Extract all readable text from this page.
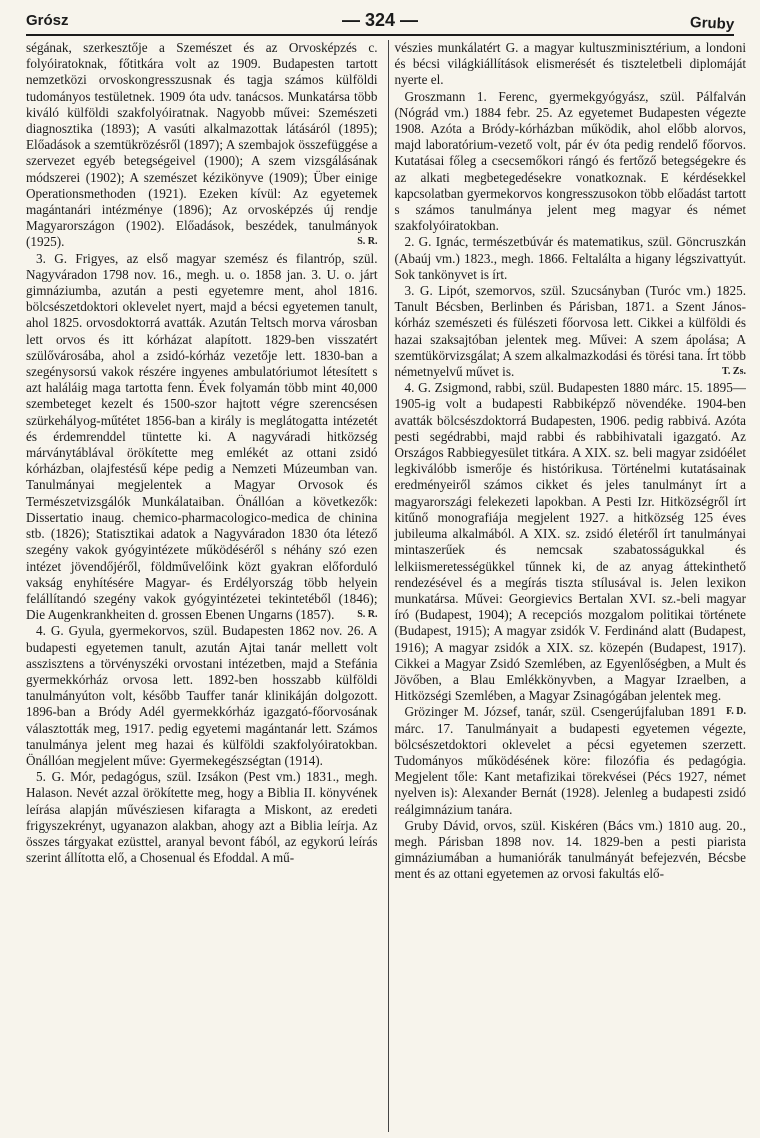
Grósz	— 324 —	Gruby

ségának, szerkesztője a Szemészet és az Orvosképzés c. folyóiratoknak, főtitkára volt az 1909. Budapesten tartott nemzetközi orvoskongresszusnak és tagja számos külföldi tudományos testületnek. 1909 óta udv. tanácsos. Munkatársa több kiváló külföldi szakfolyóiratnak. Nagyobb művei: Szemészeti diagnosztika (1893); A vasúti alkalmazottak látásáról (1895); Előadások a szemtükrözésről (1897); A szembajok összefüggése a szervezet egyéb betegségeivel (1900); A szem vizsgálásának módszerei (1902); A szemészet kézikönyve (1909); Über einige Operationsmethoden (1921). Ezeken kívül: Az egyetemek magántanári intézménye (1896); Az orvosképzés új rendje Magyarországon (1902). Előadások, beszédek, tanulmányok (1925).	S. R.

3. G. Frigyes, az első magyar szemész és filantróp, szül. Nagyváradon 1798 nov. 16., megh. u. o. 1858 jan. 3. U. o. járt gimnáziumba, azután a pesti egyetemre ment, ahol 1816. bölcsészetdoktori oklevelet nyert, majd a bécsi egyetemen tanult, ahol 1825. orvosdoktorrá avatták. Azután Teltsch morva városban lett orvos és itt kórházat alapított. 1829-ben visszatért szülővárosába, ahol a zsidó-kórház vezetője lett. 1830-ban a szegénysorsú vakok részére ingyenes ambulatóriumot létesített s azt haláláig maga tartotta fenn. Évek folyamán több mint 40,000 szembeteget kezelt és 1500-szor hajtott végre szerencsésen szürkehályog-műtétet 1856-ban a király is meglátogatta intézetét és érdemrenddel tüntette ki. A nagyváradi hitközség márványtáblával örökítette meg emlékét az ottani zsidó kórházban, olajfestésű képe pedig a Nemzeti Múzeumban van. Tanulmányai megjelentek a Magyar Orvosok és Természetvizsgálók Munkálataiban. Önállóan a következők: Dissertatio inaug. chemico-pharmacologico-medica de chinina stb. (1826); Statisztikai adatok a Nagyváradon 1830 óta létező szegény vakok gyógyintézete működéséről s néhány szó ezen intézet jövendőjéről, földművelőink közt gyakran előforduló vakság enyhítésére Magyar- és Erdélyország több helyein felállítandó szegény vakok gyógyintézetei tekintetéből (1846); Die Augenkrankheiten d. grossen Ebenen Ungarns (1857).	S. R.

4. G. Gyula, gyermekorvos, szül. Budapesten 1862 nov. 26. A budapesti egyetemen tanult, azután Ajtai tanár mellett volt asszisztens a törvényszéki orvostani intézetben, majd a Stefánia gyermekkórház orvosa lett. 1892-ben hosszabb külföldi tanulmányúton volt, később Tauffer tanár klinikáján dolgozott. 1896-ban a Bródy Adél gyermekkórház igazgató-főorvosának választották meg, 1917. pedig egyetemi magántanár lett. Számos tanulmánya jelent meg hazai és külföldi szakfolyóiratokban. Önállóan megjelent műve: Gyermekegészségtan (1914).

5. G. Mór, pedagógus, szül. Izsákon (Pest vm.) 1831., megh. Halason. Nevét azzal örökítette meg, hogy a Biblia II. könyvének leírása alapján művésziesen kifaragta a Miskont, az eredeti frigyszekrényt, ugyanazon alakban, ahogy azt a Biblia leírja. Az összes tárgyakat ezüsttel, aranyal bevont fából, az egykorú leírás szerint állította elő, a Chosenual és Efoddal. A mű-

vészies munkálatért G. a magyar kultuszminisztérium, a londoni és bécsi világkiállítások elismerését és tiszteletbeli diplomáját nyerte el.

Groszmann 1. Ferenc, gyermekgyógyász, szül. Pálfalván (Nógrád vm.) 1884 febr. 25. Az egyetemet Budapesten végezte 1908. Azóta a Bródy-kórházban működik, ahol előbb alorvos, majd laboratórium-vezető volt, pár év óta pedig rendelő főorvos. Kutatásai főleg a csecsemőkori rángó és fertőző betegségekre és az alkati megbetegedésekre vonatkoznak. E kérdésekkel kapcsolatban gyermekorvos kongresszusokon több előadást tartott s számos tanulmánya jelent meg magyar és német szakfolyóiratokban.

2. G. Ignác, természetbúvár és matematikus, szül. Göncruszkán (Abaúj vm.) 1823., megh. 1866. Feltalálta a higany légszivattyút. Sok tankönyvet is írt.

3. G. Lipót, szemorvos, szül. Szucsányban (Turóc vm.) 1825. Tanult Bécsben, Berlinben és Párisban, 1871. a Szent János-kórház szemészeti és fülészeti főorvosa lett. Cikkei a külföldi és hazai szaksajtóban jelentek meg. Művei: A szem ápolása; A szemtükörvizsgálat; A szem alkalmazkodási és törési tana. Írt több németnyelvű művet is.	T. Zs.

4. G. Zsigmond, rabbi, szül. Budapesten 1880 márc. 15. 1895—1905-ig volt a budapesti Rabbiképző növendéke. 1904-ben avatták bölcsészdoktorrá Budapesten, 1906. pedig rabbivá. Azóta pesti segédrabbi, majd rabbi és rabbihivatali igazgató. Az Országos Rabbiegyesület titkára. A XIX. sz. beli magyar zsidóélet legkiválóbb ismerője és histórikusa. Történelmi kutatásainak eredményeiről számos cikket és jeles tanulmányt írt a magyarországi felekezeti lapokban. A Pesti Izr. Hitközségről írt kitűnő monografiája megjelent 1927. a hitközség 125 éves jubileuma alkalmából. A XIX. sz. zsidó életéről írt tanulmányai mintaszerűek és nemcsak szabatosságukkal és lelkiismeretességükkel tűnnek ki, de az anyag áttekinthető rendezésével és a megírás tiszta stílusával is. Jelen lexikon munkatársa. Művei: Georgievics Bertalan XVI. sz.-beli magyar író (Budapest, 1904); A recepciós mozgalom politikai története (Budapest, 1915); A magyar zsidók V. Ferdinánd alatt (Budapest, 1916); A magyar zsidók a XIX. sz. közepén (Budapest, 1917). Cikkei a Magyar Zsidó Szemlében, az Egyenlőségben, a Mult és Jövőben, a Blau Emlékkönyvben, a Magyar Izraelben, a Hitközségi Szemlében, a Magyar Zsinagógában jelentek meg.
F. D.

Grözinger M. József, tanár, szül. Csengerújfaluban 1891 márc. 17. Tanulmányait a budapesti egyetemen végezte, bölcsészetdoktori oklevelet a pécsi egyetemen szerzett. Tudományos működésének köre: filozófia és pedagógia. Megjelent tőle: Kant metafizikai törekvései (Pécs 1927, német nyelven is): Alexander Bernát (1928). Jelenleg a budapesti zsidó reálgimnázium tanára.

Gruby Dávid, orvos, szül. Kiskéren (Bács vm.) 1810 aug. 20., megh. Párisban 1898 nov. 14. 1829-ben a pesti piarista gimnáziumában a humaniórák tanulmányát befejezvén, Bécsbe ment és az ottani egyetemen az orvosi fakultás elő-
